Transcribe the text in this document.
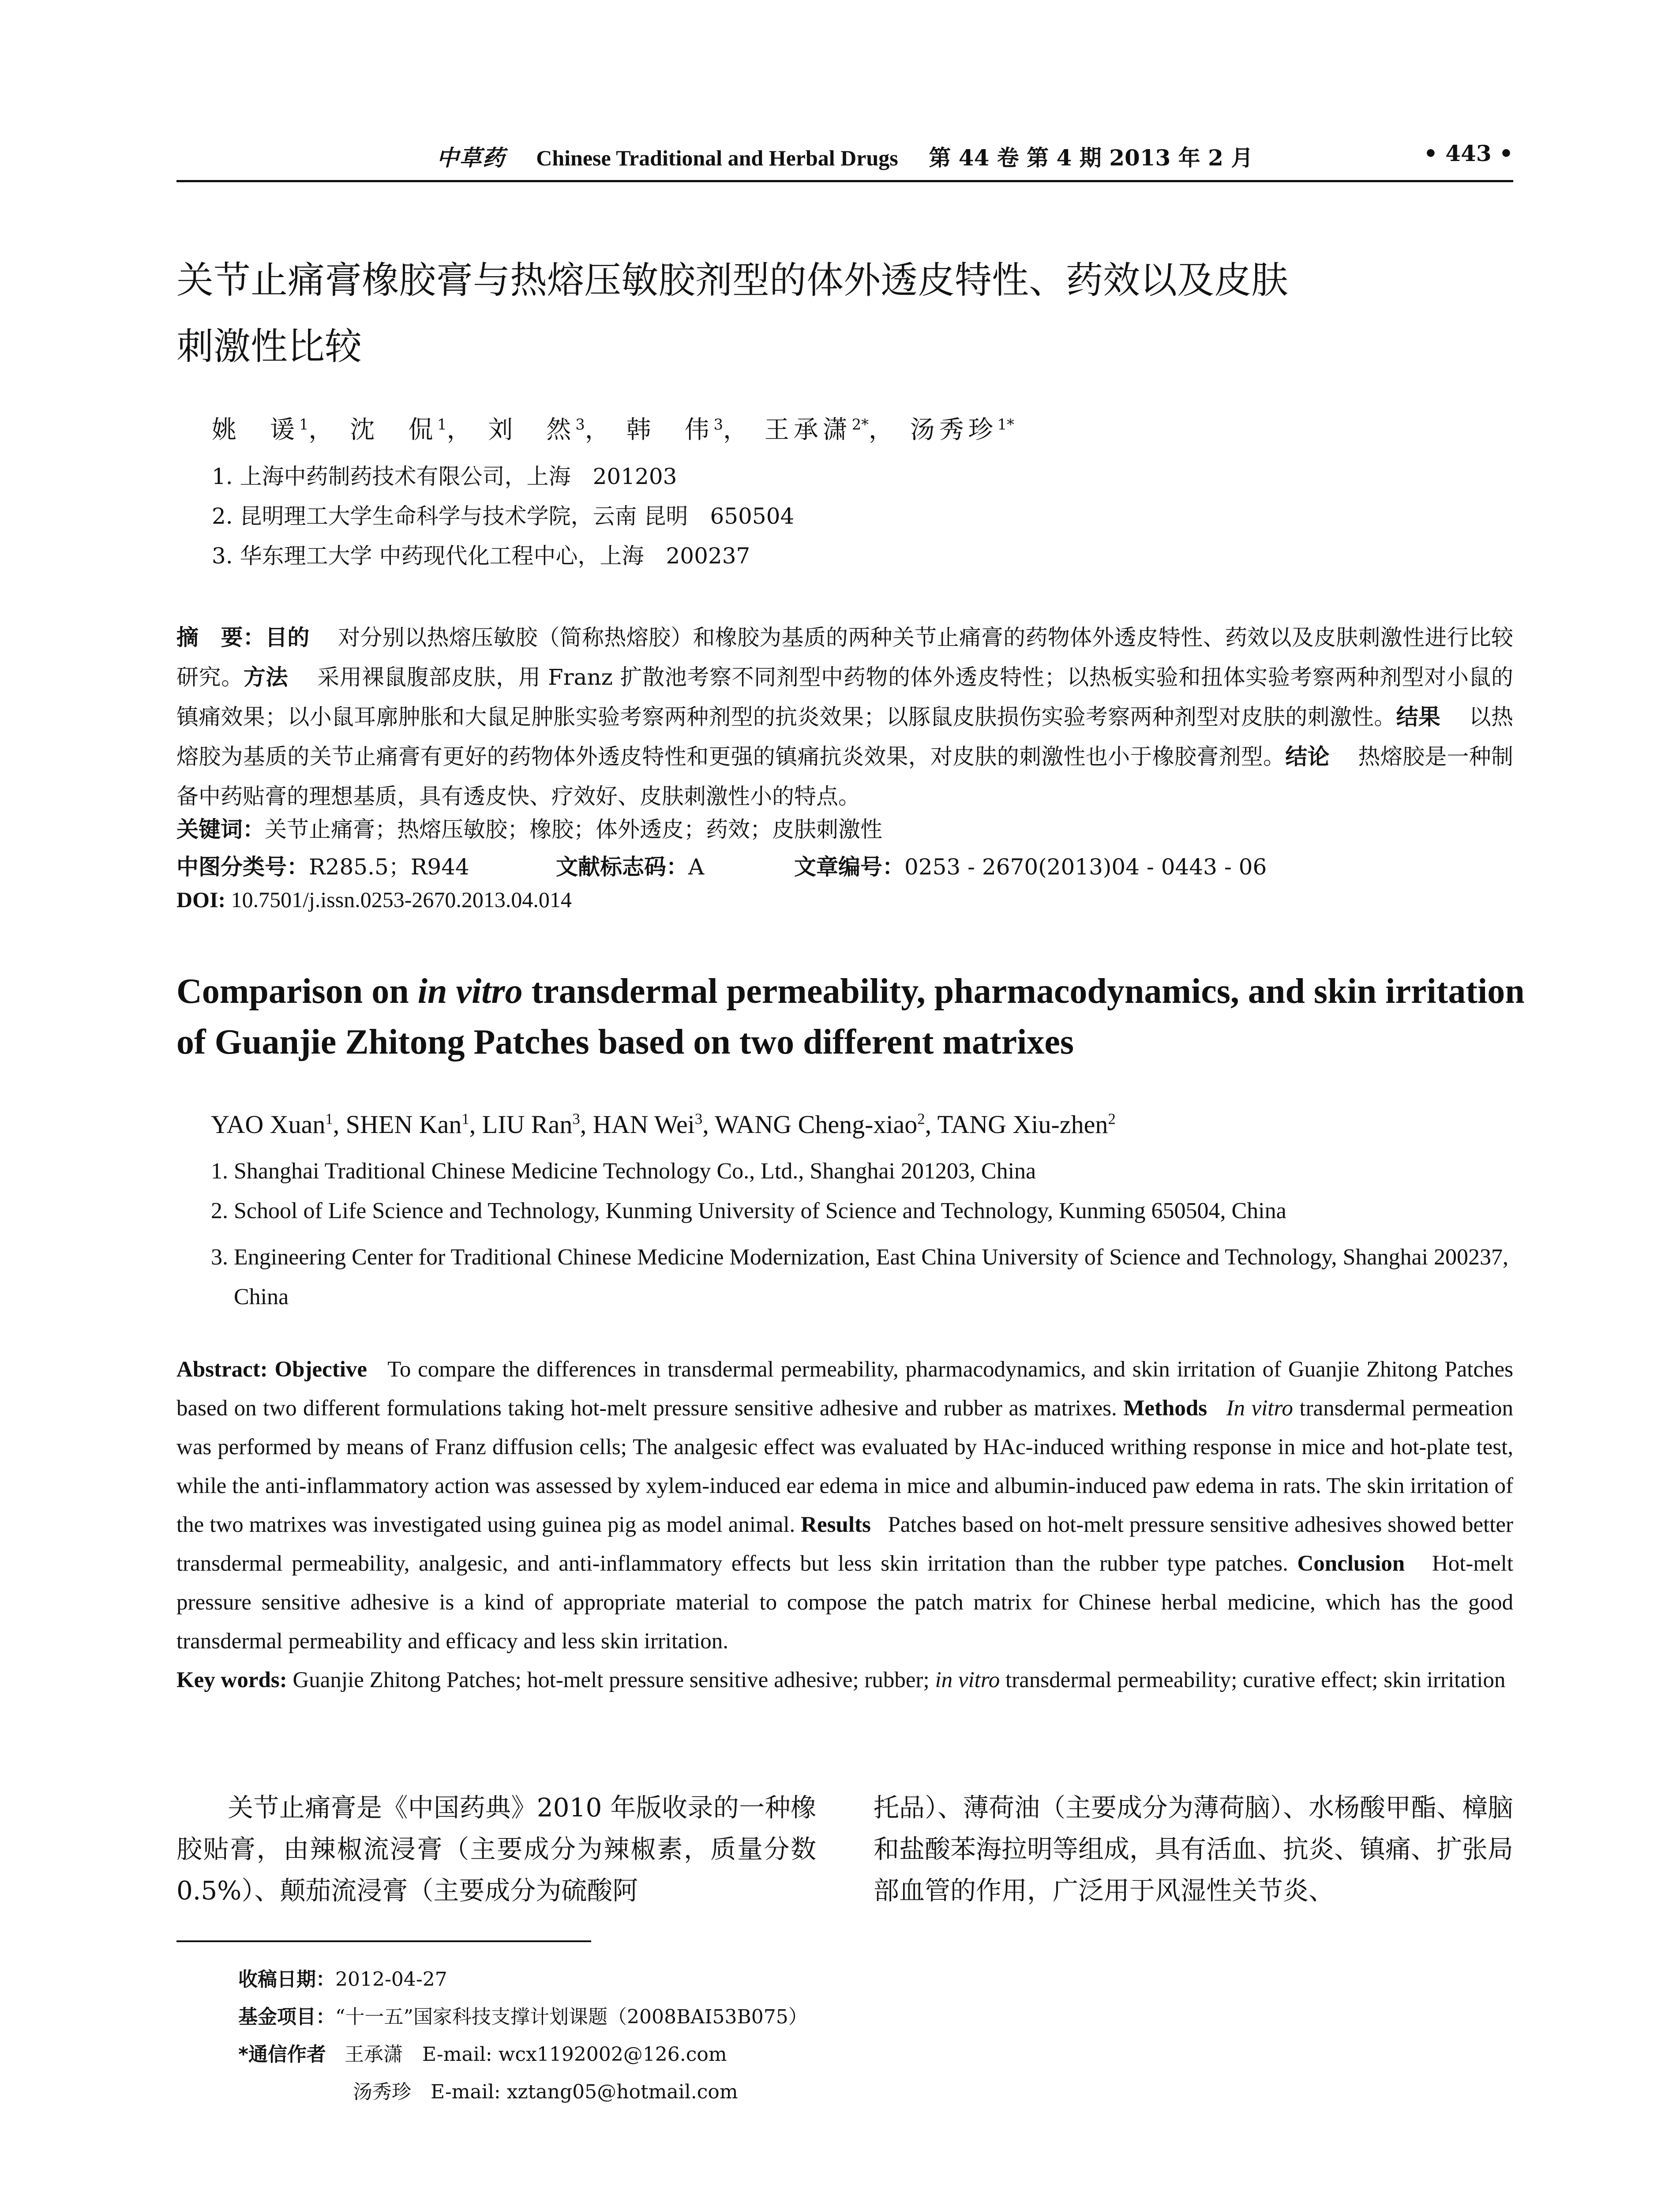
中草药 Chinese Traditional and Herbal Drugs 第 44 卷 第 4 期 2013 年 2 月	• 443 •
关节止痛膏橡胶膏与热熔压敏胶剂型的体外透皮特性、药效以及皮肤
刺激性比较
姚　谖$^1$， 沈　侃$^1$， 刘　然$^3$， 韩　伟$^3$， 王承潇$^{2*}$， 汤秀珍$^{1*}$
1. 上海中药制药技术有限公司，上海　201203
2. 昆明理工大学生命科学与技术学院，云南 昆明　650504
3. 华东理工大学 中药现代化工程中心，上海　200237
摘　要：目的 对分别以热熔压敏胶（简称热熔胶）和橡胶为基质的两种关节止痛膏的药物体外透皮特性、药效以及皮肤刺激性进行比较研究。方法 采用裸鼠腹部皮肤，用 Franz 扩散池考察不同剂型中药物的体外透皮特性；以热板实验和扭体实验考察两种剂型对小鼠的镇痛效果；以小鼠耳廓肿胀和大鼠足肿胀实验考察两种剂型的抗炎效果；以豚鼠皮肤损伤实验考察两种剂型对皮肤的刺激性。结果 以热熔胶为基质的关节止痛膏有更好的药物体外透皮特性和更强的镇痛抗炎效果，对皮肤的刺激性也小于橡胶膏剂型。结论 热熔胶是一种制备中药贴膏的理想基质，具有透皮快、疗效好、皮肤刺激性小的特点。
关键词：关节止痛膏；热熔压敏胶；橡胶；体外透皮；药效；皮肤刺激性
中图分类号：R285.5；R944	文献标志码：A	文章编号：0253 - 2670(2013)04 - 0443 - 06
DOI: 10.7501/j.issn.0253-2670.2013.04.014
Comparison on in vitro transdermal permeability, pharmacodynamics, and skin irritation of Guanjie Zhitong Patches based on two different matrixes
YAO Xuan$^1$, SHEN Kan$^1$, LIU Ran$^3$, HAN Wei$^3$, WANG Cheng-xiao$^2$, TANG Xiu-zhen$^2$
1. Shanghai Traditional Chinese Medicine Technology Co., Ltd., Shanghai 201203, China
2. School of Life Science and Technology, Kunming University of Science and Technology, Kunming 650504, China
3. Engineering Center for Traditional Chinese Medicine Modernization, East China University of Science and Technology, Shanghai 200237, China
Abstract: Objective To compare the differences in transdermal permeability, pharmacodynamics, and skin irritation of Guanjie Zhitong Patches based on two different formulations taking hot-melt pressure sensitive adhesive and rubber as matrixes. Methods In vitro transdermal permeation was performed by means of Franz diffusion cells; The analgesic effect was evaluated by HAc-induced writhing response in mice and hot-plate test, while the anti-inflammatory action was assessed by xylem-induced ear edema in mice and albumin-induced paw edema in rats. The skin irritation of the two matrixes was investigated using guinea pig as model animal. Results Patches based on hot-melt pressure sensitive adhesives showed better transdermal permeability, analgesic, and anti-inflammatory effects but less skin irritation than the rubber type patches. Conclusion Hot-melt pressure sensitive adhesive is a kind of appropriate material to compose the patch matrix for Chinese herbal medicine, which has the good transdermal permeability and efficacy and less skin irritation.
Key words: Guanjie Zhitong Patches; hot-melt pressure sensitive adhesive; rubber; in vitro transdermal permeability; curative effect; skin irritation
关节止痛膏是《中国药典》2010 年版收录的一种橡胶贴膏，由辣椒流浸膏（主要成分为辣椒素，质量分数 0.5%）、颠茄流浸膏（主要成分为硫酸阿
托品）、薄荷油（主要成分为薄荷脑）、水杨酸甲酯、樟脑和盐酸苯海拉明等组成，具有活血、抗炎、镇痛、扩张局部血管的作用，广泛用于风湿性关节炎、
收稿日期：2012-04-27
基金项目：“十一五”国家科技支撑计划课题（2008BAI53B075）
*通信作者 王承潇　E-mail: wcx1192002@126.com
汤秀珍　E-mail: xztang05@hotmail.com
